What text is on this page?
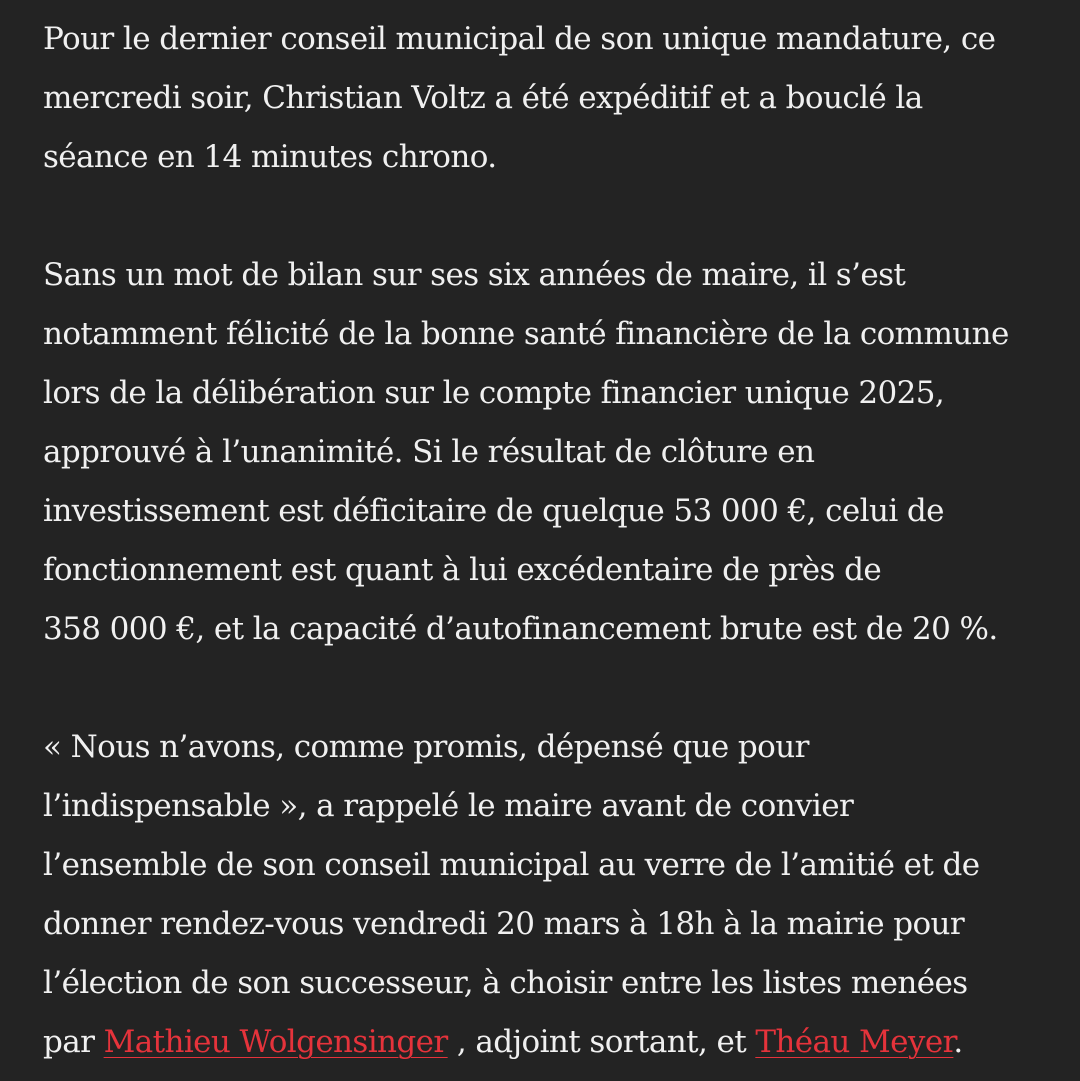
Pour le dernier conseil municipal de son unique mandature, ce
mercredi soir, Christian Voltz a été expéditif et a bouclé la
séance en 14 minutes chrono.
Sans un mot de bilan sur ses six années de maire, il s’est
notamment félicité de la bonne santé financière de la commune
lors de la délibération sur le compte financier unique 2025,
approuvé à l’unanimité. Si le résultat de clôture en
investissement est déficitaire de quelque 53 000 €, celui de
fonctionnement est quant à lui excédentaire de près de
358 000 €, et la capacité d’autofinancement brute est de 20 %.
« Nous n’avons, comme promis, dépensé que pour
l’indispensable », a rappelé le maire avant de convier
l’ensemble de son conseil municipal au verre de l’amitié et de
donner rendez-vous vendredi 20 mars à 18h à la mairie pour
l’élection de son successeur, à choisir entre les listes menées
par Mathieu Wolgensinger , adjoint sortant, et Théau Meyer.
